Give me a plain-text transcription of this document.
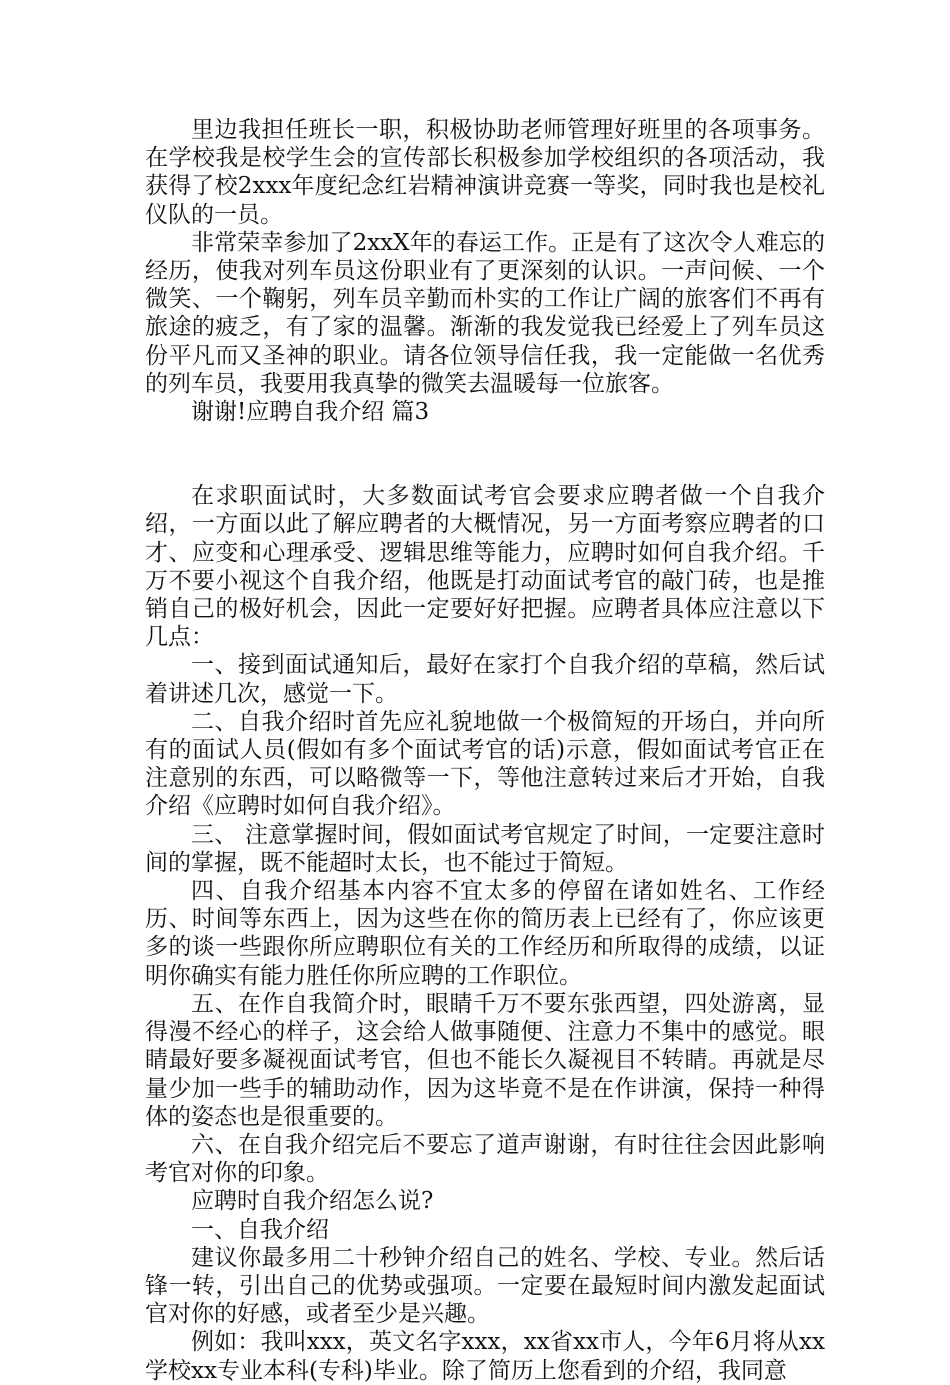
里边我担任班长一职，积极协助老师管理好班里的各项事务。在学校我是校学生会的宣传部长积极参加学校组织的各项活动，我获得了校2xxx年度纪念红岩精神演讲竞赛一等奖，同时我也是校礼仪队的一员。

非常荣幸参加了2xxX年的春运工作。正是有了这次令人难忘的经历，使我对列车员这份职业有了更深刻的认识。一声问候、一个微笑、一个鞠躬，列车员辛勤而朴实的工作让广阔的旅客们不再有旅途的疲乏，有了家的温馨。渐渐的我发觉我已经爱上了列车员这份平凡而又圣神的职业。请各位领导信任我，我一定能做一名优秀的列车员，我要用我真挚的微笑去温暖每一位旅客。

谢谢!应聘自我介绍 篇3

在求职面试时，大多数面试考官会要求应聘者做一个自我介绍，一方面以此了解应聘者的大概情况，另一方面考察应聘者的口才、应变和心理承受、逻辑思维等能力，应聘时如何自我介绍。千万不要小视这个自我介绍，他既是打动面试考官的敲门砖，也是推销自己的极好机会，因此一定要好好把握。应聘者具体应注意以下几点：

一、接到面试通知后，最好在家打个自我介绍的草稿，然后试着讲述几次，感觉一下。

二、自我介绍时首先应礼貌地做一个极简短的开场白，并向所有的面试人员(假如有多个面试考官的话)示意，假如面试考官正在注意别的东西，可以略微等一下，等他注意转过来后才开始，自我介绍《应聘时如何自我介绍》。

三、 注意掌握时间，假如面试考官规定了时间，一定要注意时间的掌握，既不能超时太长，也不能过于简短。

四、自我介绍基本内容不宜太多的停留在诸如姓名、工作经历、时间等东西上，因为这些在你的简历表上已经有了，你应该更多的谈一些跟你所应聘职位有关的工作经历和所取得的成绩，以证明你确实有能力胜任你所应聘的工作职位。

五、在作自我简介时，眼睛千万不要东张西望，四处游离，显得漫不经心的样子，这会给人做事随便、注意力不集中的感觉。眼睛最好要多凝视面试考官，但也不能长久凝视目不转睛。再就是尽量少加一些手的辅助动作，因为这毕竟不是在作讲演，保持一种得体的姿态也是很重要的。

六、在自我介绍完后不要忘了道声谢谢，有时往往会因此影响考官对你的印象。

应聘时自我介绍怎么说?

一、自我介绍

建议你最多用二十秒钟介绍自己的姓名、学校、专业。然后话锋一转，引出自己的优势或强项。一定要在最短时间内激发起面试官对你的好感，或者至少是兴趣。

例如：我叫xxx，英文名字xxx，xx省xx市人，今年6月将从xx学校xx专业本科(专科)毕业。除了简历上您看到的介绍，我同意
